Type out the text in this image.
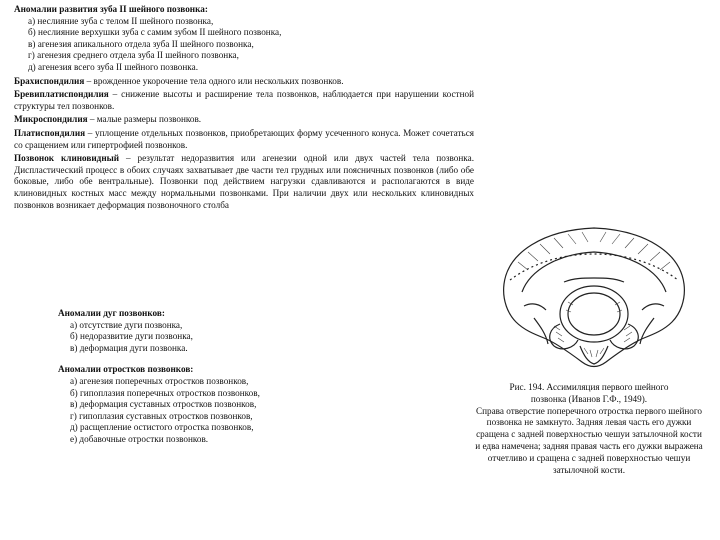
Аномалии развития зуба II шейного позвонка:

а) неслияние зуба с телом II шейного позвонка,

б) неслияние верхушки зуба с самим зубом II шейного позвонка,

в) агенезия апикального отдела зуба II шейного позвонка,

г) агенезия среднего отдела зуба II шейного позвонка,

д) агенезия всего зуба II шейного позвонка.

Брахиспондилия – врожденное укорочение тела одного или нескольких позвонков.

Бревиплатиспондилия – снижение высоты и расширение тела позвонков, наблюдается при нарушении костной структуры тел позвонков.

Микроспондилия – малые размеры позвонков.

Платиспондилия – уплощение отдельных позвонков, приобретающих форму усеченного конуса. Может сочетаться со сращением или гипертрофией позвонков.

Позвонок клиновидный – результат недоразвития или агенезии одной или двух частей тела позвонка. Диспластический процесс в обоих случаях захватывает две части тел грудных или поясничных позвонков (либо обе боковые, либо обе вентральные). Позвонки под действием нагрузки сдавливаются и располагаются в виде клиновидных костных масс между нормальными позвонками. При наличии двух или нескольких клиновидных позвонков возникает деформация позвоночного столба

Аномалии дуг позвонков:

а) отсутствие дуги позвонка,

б) недоразвитие дуги позвонка,

в) деформация дуги позвонка.

Аномалии отростков позвонков:

а) агенезия поперечных отростков позвонков,

б) гипоплазия поперечных отростков позвонков,

в) деформация суставных отростков позвонков,

г) гипоплазия суставных отростков позвонков,

д) расщепление остистого отростка позвонков,

е) добавочные отростки позвонков.

Рис. 194. Ассимиляция первого шейного

позвонка (Иванов Г.Ф., 1949).

Справа отверстие поперечного отростка первого шейного позвонка не замкнуто. Задняя левая часть его дужки сращена с задней поверхностью чешуи затылочной кости и едва намечена; задняя правая часть его дужки выражена отчетливо и сращена с задней поверхностью чешуи затылочной кости.
